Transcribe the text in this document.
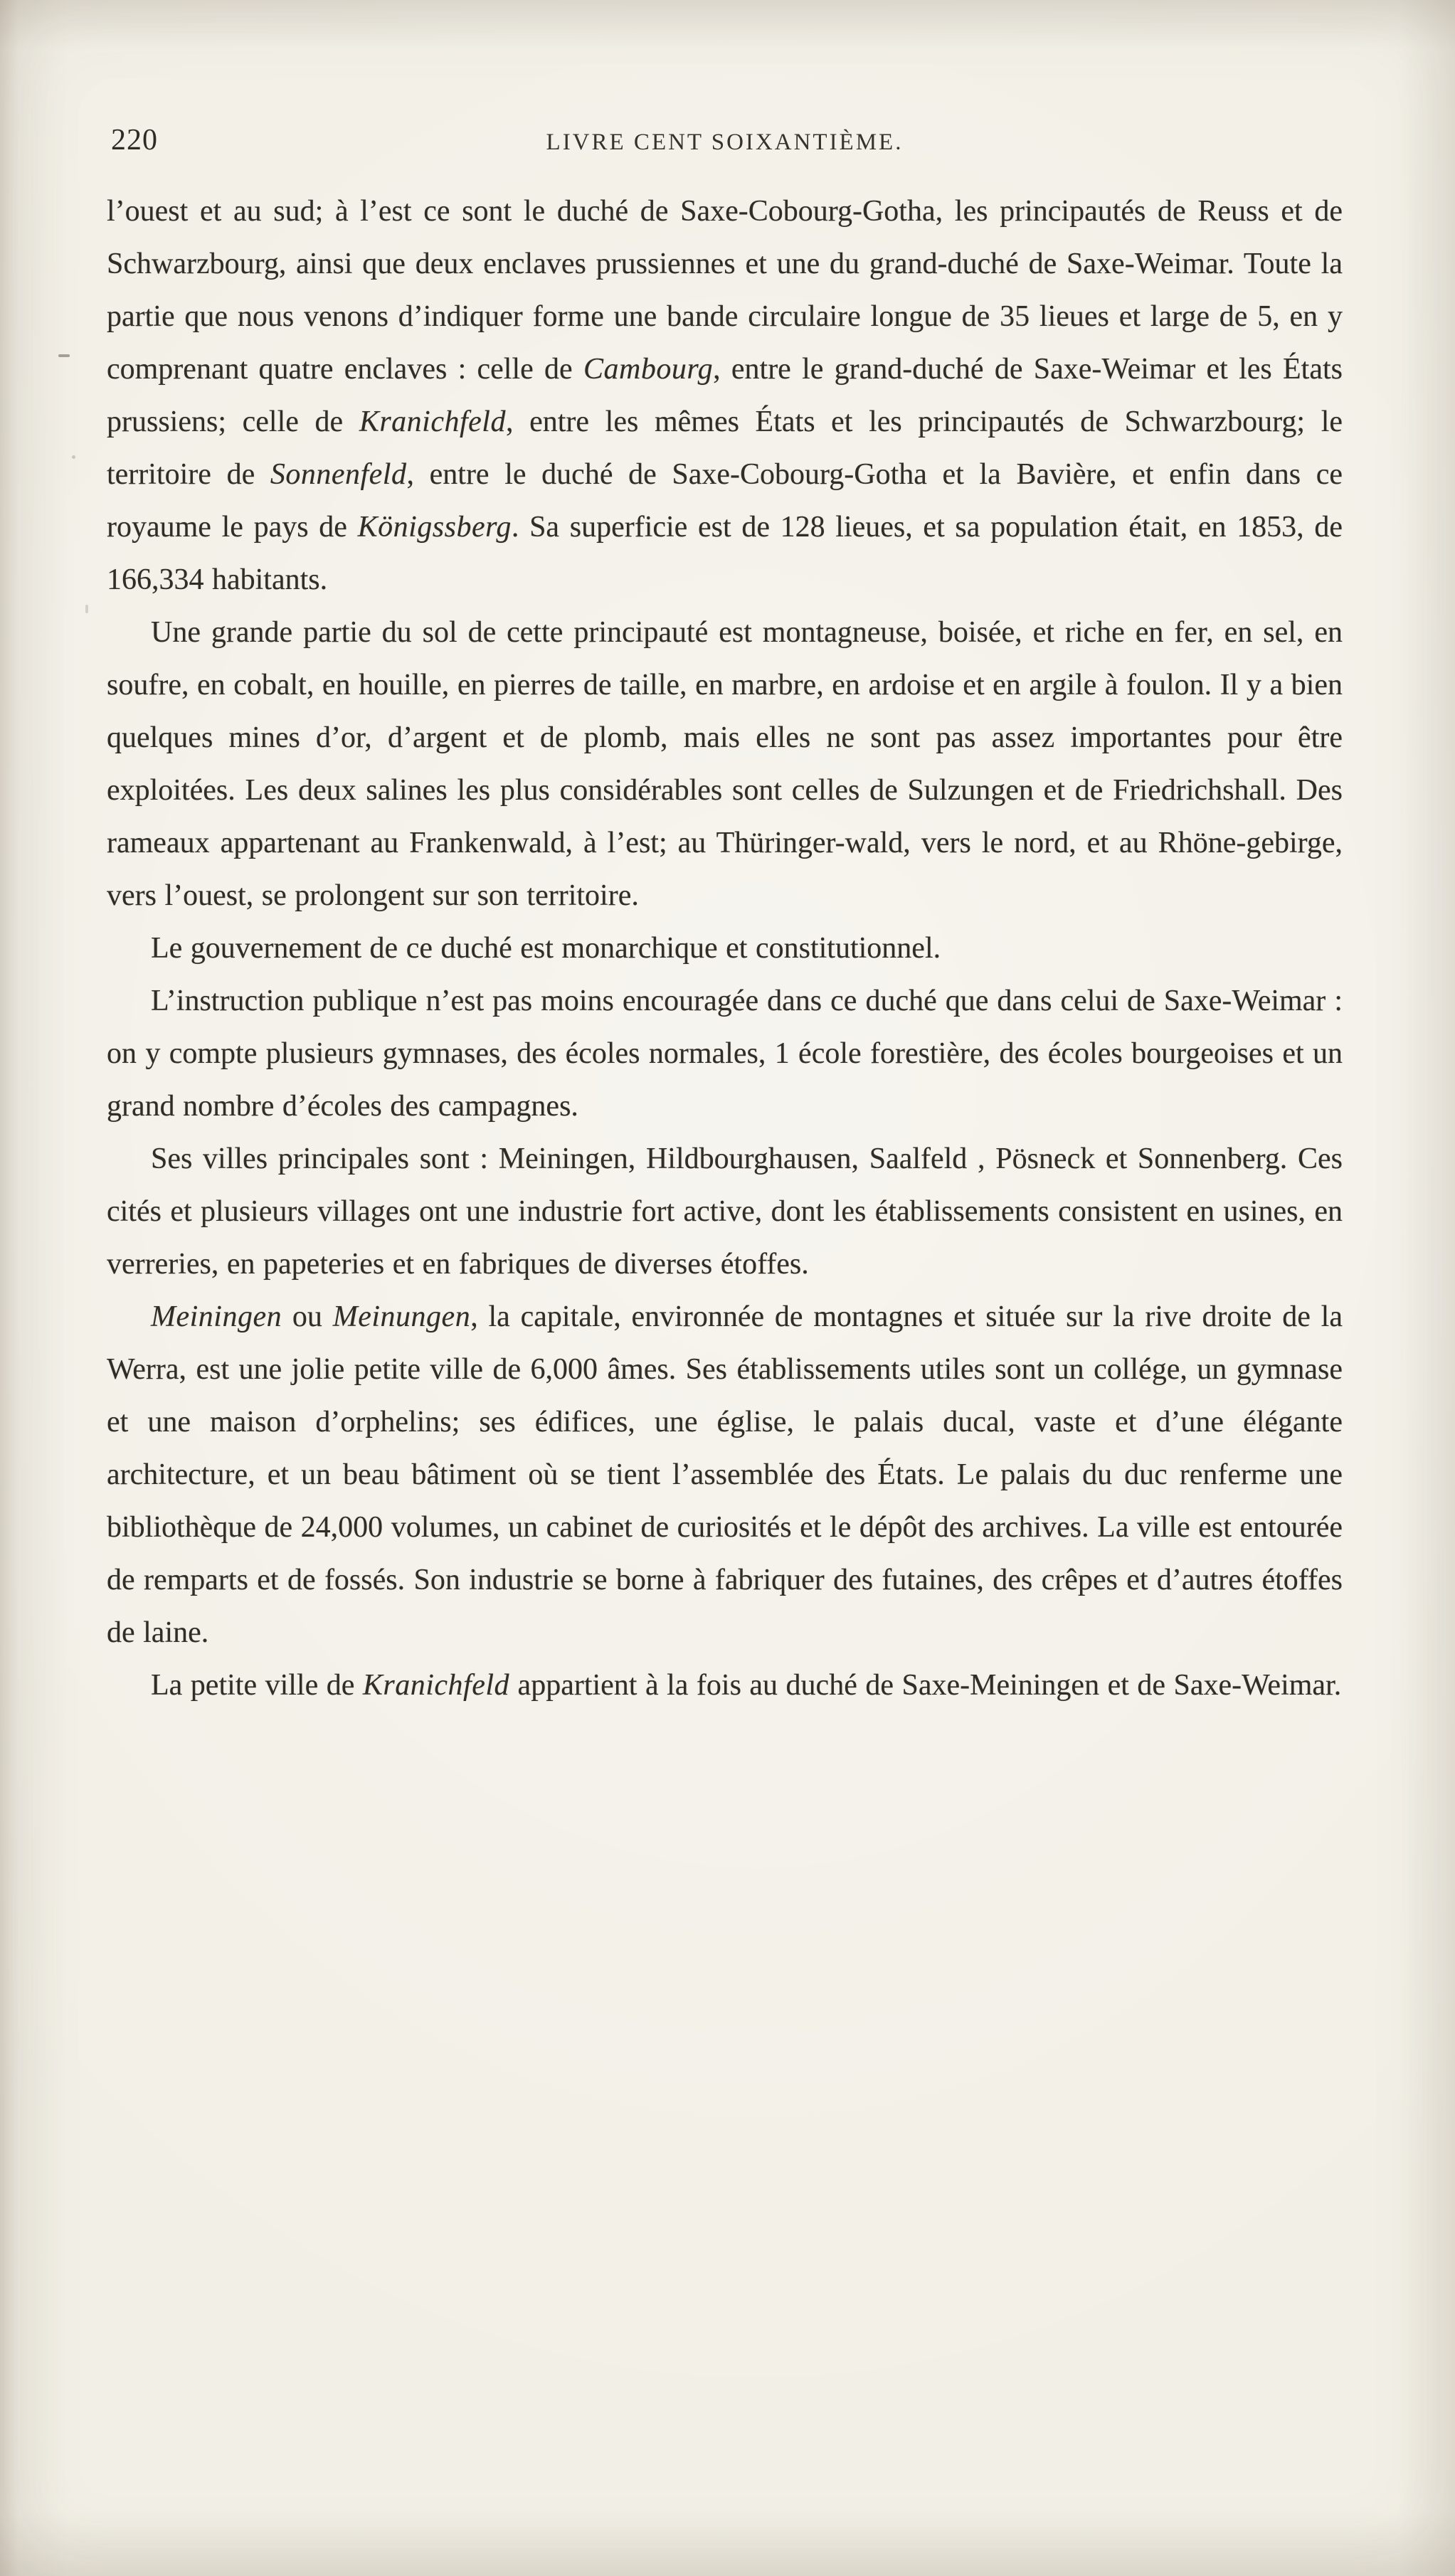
220	LIVRE CENT SOIXANTIÈME.

l’ouest et au sud; à l’est ce sont le duché de Saxe-Cobourg-Gotha, les principautés de Reuss et de Schwarzbourg, ainsi que deux enclaves prussiennes et une du grand-duché de Saxe-Weimar. Toute la partie que nous venons d’indiquer forme une bande circulaire longue de 35 lieues et large de 5, en y comprenant quatre enclaves : celle de Cambourg, entre le grand-duché de Saxe-Weimar et les États prussiens; celle de Kranichfeld, entre les mêmes États et les principautés de Schwarzbourg; le territoire de Sonnenfeld, entre le duché de Saxe-Cobourg-Gotha et la Bavière, et enfin dans ce royaume le pays de Königssberg. Sa superficie est de 128 lieues, et sa population était, en 1853, de 166,334 habitants.

Une grande partie du sol de cette principauté est montagneuse, boisée, et riche en fer, en sel, en soufre, en cobalt, en houille, en pierres de taille, en marbre, en ardoise et en argile à foulon. Il y a bien quelques mines d’or, d’argent et de plomb, mais elles ne sont pas assez importantes pour être exploitées. Les deux salines les plus considérables sont celles de Sulzungen et de Friedrichshall. Des rameaux appartenant au Frankenwald, à l’est; au Thüringer-wald, vers le nord, et au Rhöne-gebirge, vers l’ouest, se prolongent sur son territoire.

Le gouvernement de ce duché est monarchique et constitutionnel.

L’instruction publique n’est pas moins encouragée dans ce duché que dans celui de Saxe-Weimar : on y compte plusieurs gymnases, des écoles normales, 1 école forestière, des écoles bourgeoises et un grand nombre d’écoles des campagnes.

Ses villes principales sont : Meiningen, Hildbourghausen, Saalfeld , Pösneck et Sonnenberg. Ces cités et plusieurs villages ont une industrie fort active, dont les établissements consistent en usines, en verreries, en papeteries et en fabriques de diverses étoffes.

Meiningen ou Meinungen, la capitale, environnée de montagnes et située sur la rive droite de la Werra, est une jolie petite ville de 6,000 âmes. Ses établissements utiles sont un collége, un gymnase et une maison d’orphelins; ses édifices, une église, le palais ducal, vaste et d’une élégante architecture, et un beau bâtiment où se tient l’assemblée des États. Le palais du duc renferme une bibliothèque de 24,000 volumes, un cabinet de curiosités et le dépôt des archives. La ville est entourée de remparts et de fossés. Son industrie se borne à fabriquer des futaines, des crêpes et d’autres étoffes de laine.

La petite ville de Kranichfeld appartient à la fois au duché de Saxe-Meiningen et de Saxe-Weimar.
